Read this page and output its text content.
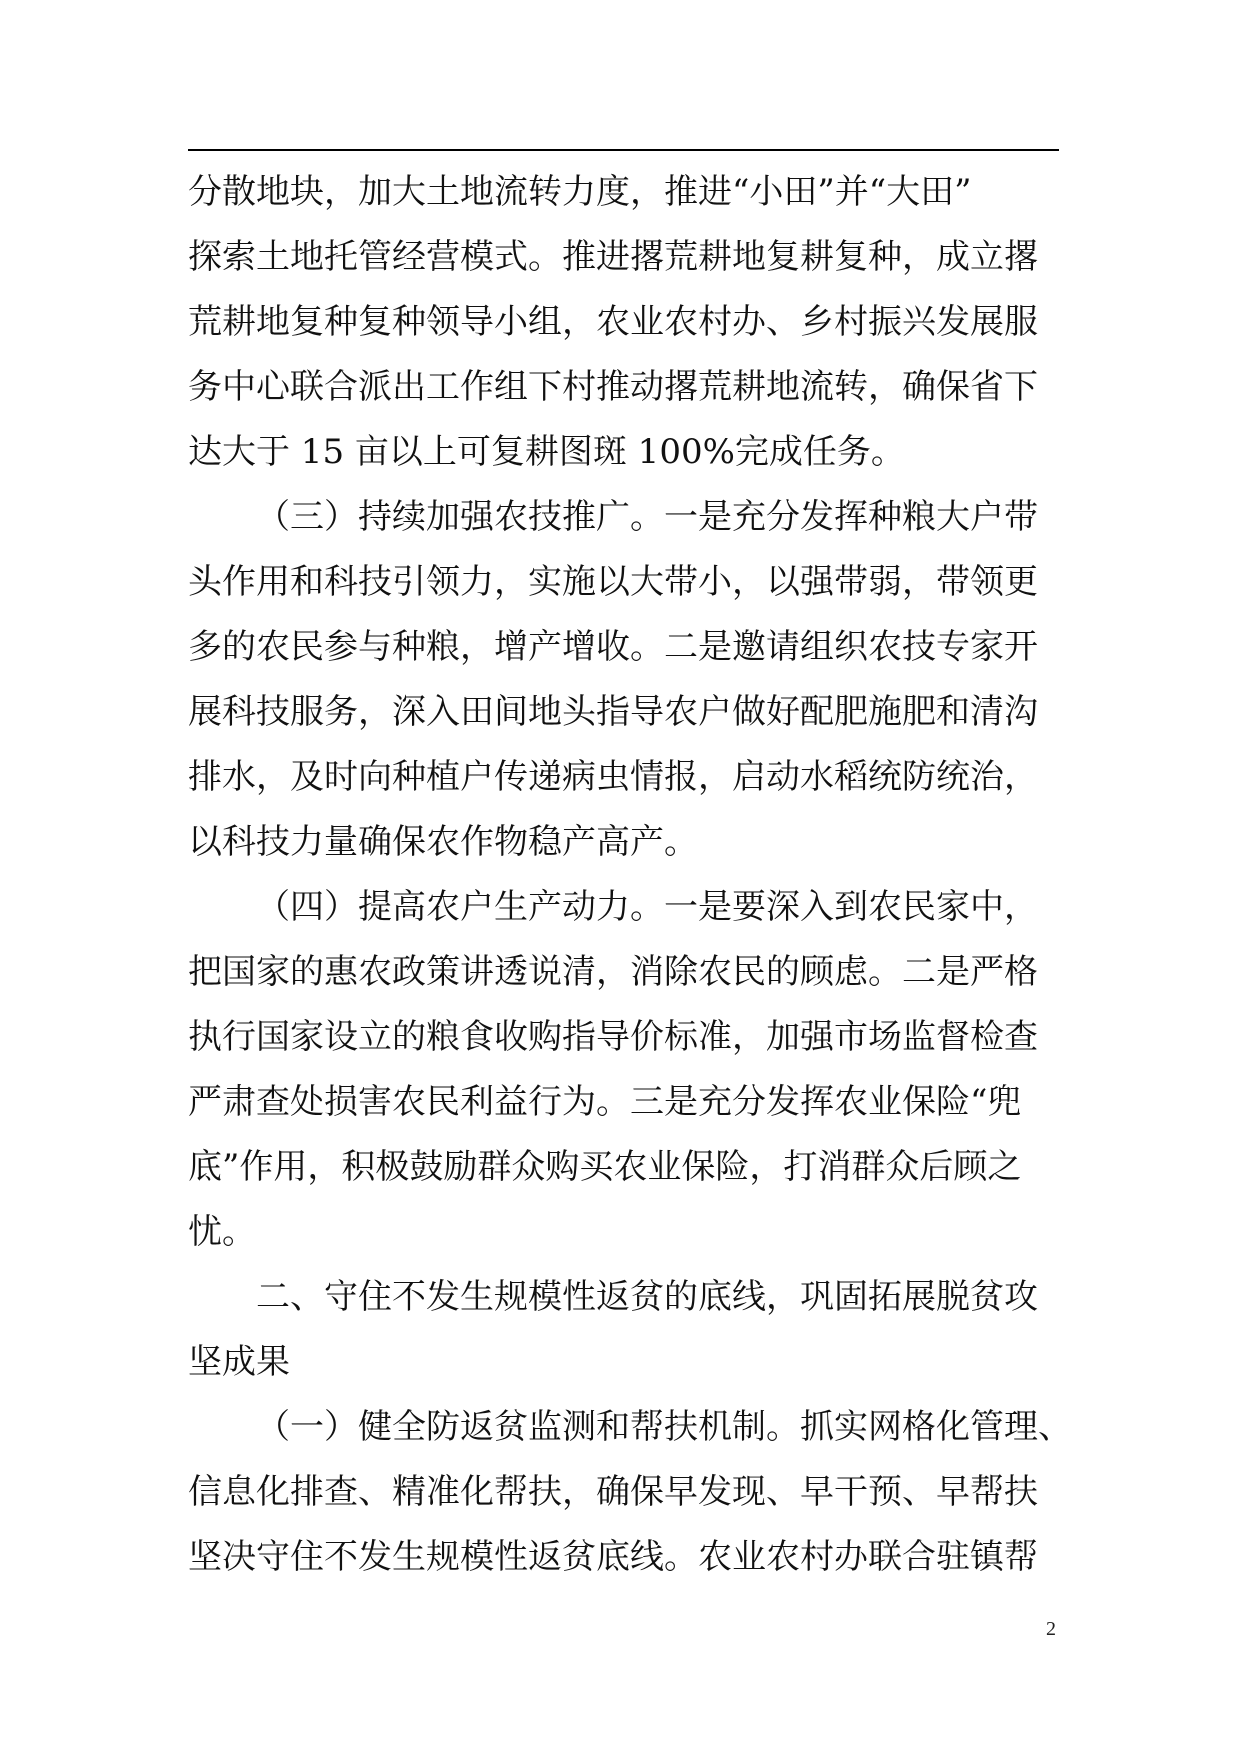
分散地块，加大土地流转力度，推进“小田”并“大田”
探索土地托管经营模式。推进撂荒耕地复耕复种，成立撂
荒耕地复种复种领导小组，农业农村办、乡村振兴发展服
务中心联合派出工作组下村推动撂荒耕地流转，确保省下
达大于 15 亩以上可复耕图斑 100%完成任务。
（三）持续加强农技推广。一是充分发挥种粮大户带
头作用和科技引领力，实施以大带小，以强带弱，带领更
多的农民参与种粮，增产增收。二是邀请组织农技专家开
展科技服务，深入田间地头指导农户做好配肥施肥和清沟
排水，及时向种植户传递病虫情报，启动水稻统防统治，
以科技力量确保农作物稳产高产。
（四）提高农户生产动力。一是要深入到农民家中，
把国家的惠农政策讲透说清，消除农民的顾虑。二是严格
执行国家设立的粮食收购指导价标准，加强市场监督检查
严肃查处损害农民利益行为。三是充分发挥农业保险“兜
底”作用，积极鼓励群众购买农业保险，打消群众后顾之
忧。
二、守住不发生规模性返贫的底线，巩固拓展脱贫攻
坚成果
（一）健全防返贫监测和帮扶机制。抓实网格化管理、
信息化排查、精准化帮扶，确保早发现、早干预、早帮扶
坚决守住不发生规模性返贫底线。农业农村办联合驻镇帮
2
